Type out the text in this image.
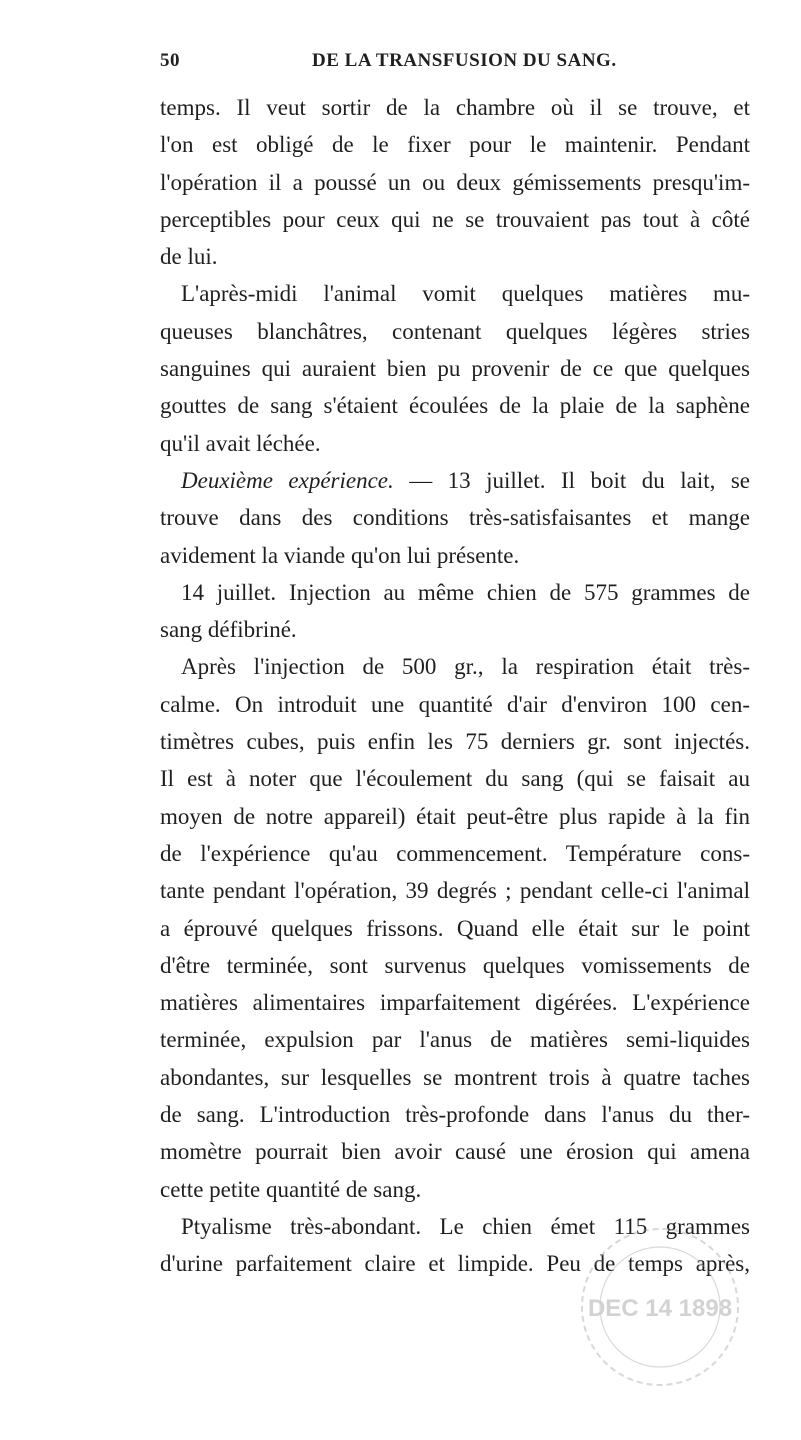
50	DE LA TRANSFUSION DU SANG.
temps. Il veut sortir de la chambre où il se trouve, et
l'on est obligé de le fixer pour le maintenir. Pendant
l'opération il a poussé un ou deux gémissements presqu'im-
perceptibles pour ceux qui ne se trouvaient pas tout à côté
de lui.
L'après-midi l'animal vomit quelques matières mu-
queuses blanchâtres, contenant quelques légères stries
sanguines qui auraient bien pu provenir de ce que quelques
gouttes de sang s'étaient écoulées de la plaie de la saphène
qu'il avait léchée.
Deuxième expérience. — 13 juillet. Il boit du lait, se
trouve dans des conditions très-satisfaisantes et mange
avidement la viande qu'on lui présente.
14 juillet. Injection au même chien de 575 grammes de
sang défibriné.
Après l'injection de 500 gr., la respiration était très-
calme. On introduit une quantité d'air d'environ 100 cen-
timètres cubes, puis enfin les 75 derniers gr. sont injectés.
Il est à noter que l'écoulement du sang (qui se faisait au
moyen de notre appareil) était peut-être plus rapide à la fin
de l'expérience qu'au commencement. Température cons-
tante pendant l'opération, 39 degrés ; pendant celle-ci l'animal
a éprouvé quelques frissons. Quand elle était sur le point
d'être terminée, sont survenus quelques vomissements de
matières alimentaires imparfaitement digérées. L'expérience
terminée, expulsion par l'anus de matières semi-liquides
abondantes, sur lesquelles se montrent trois à quatre taches
de sang. L'introduction très-profonde dans l'anus du ther-
momètre pourrait bien avoir causé une érosion qui amena
cette petite quantité de sang.
Ptyalisme très-abondant. Le chien émet 115 grammes
d'urine parfaitement claire et limpide. Peu de temps après,
DEC 14 1898
